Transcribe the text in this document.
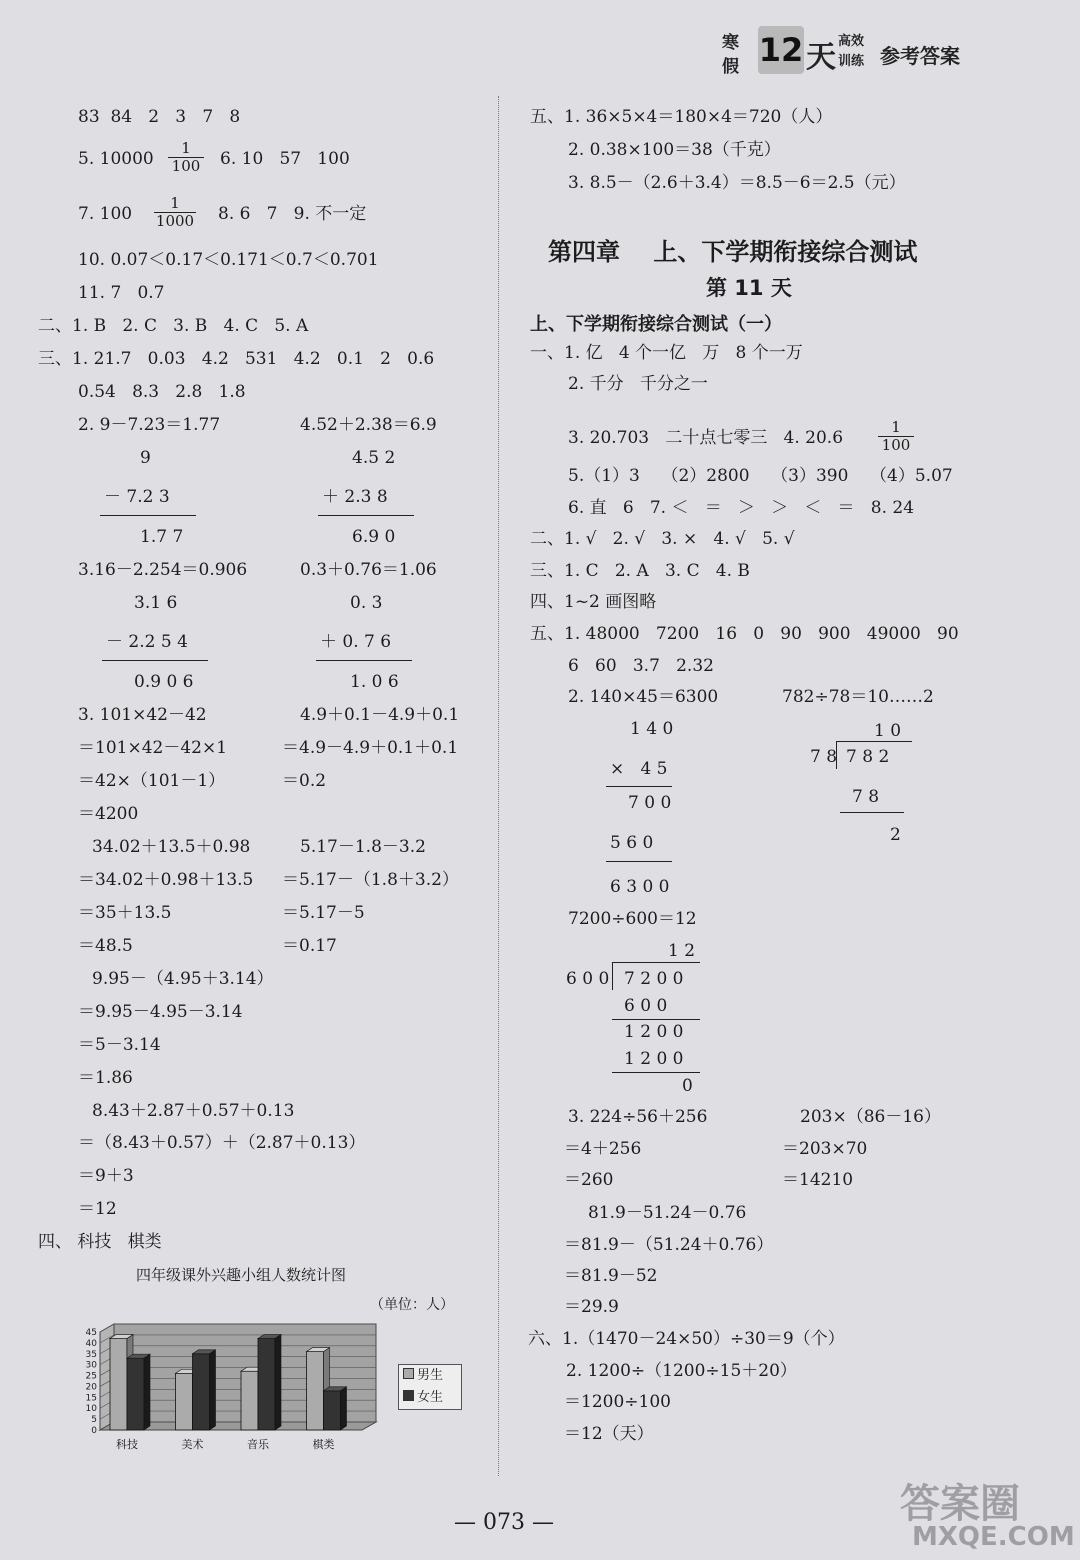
寒
假 12 天 高效
训练 参考答案
83  84   2   3   7   8
5. $10000 \frac{1}{100} 6$. 10   57   100
7. $100 \frac{1}{1000} 8$. 6   7   9. 不一定
10. 0.07＜0.17＜0.171＜0.7＜0.701
11. 7   0.7
二、1. B   2. C   3. B   4. C   5. A
三、1. 21.7   0.03   4.2   531   4.2   0.1   2   0.6
0.54   8.3   2.8   1.8
2. 9－7.23＝1.77	4.52＋2.38＝6.9
9
－ 7.2 3
1.7 7
4.5 2
＋ 2.3 8
6.9 0
3.16－2.254＝0.906	0.3＋0.76＝1.06
3.1 6
－ 2.2 5 4
0.9 0 6
0. 3
＋ 0. 7 6
1. 0 6
3. 101×42－42
＝101×42－42×1
＝42×（101－1）
＝4200
4.9＋0.1－4.9＋0.1
＝4.9－4.9＋0.1＋0.1
＝0.2
34.02＋13.5＋0.98
＝34.02＋0.98＋13.5
＝35＋13.5
＝48.5
5.17－1.8－3.2
＝5.17－（1.8＋3.2）
＝5.17－5
＝0.17
9.95－（4.95＋3.14）
＝9.95－4.95－3.14
＝5－3.14
＝1.86
8.43＋2.87＋0.57＋0.13
＝（8.43＋0.57）＋（2.87＋0.13）
＝9＋3
＝12
四、 科技   棋类
四年级课外兴趣小组人数统计图
（单位：人）
0
5
10
15
20
25
30
35
40
45
科技	美术	音乐	棋类
男生
女生
五、1. 36×5×4＝180×4＝720（人）
2. 0.38×100＝38（千克）
3. 8.5－（2.6＋3.4）＝8.5－6＝2.5（元）
第四章    上、下学期衔接综合测试
第 11 天
上、下学期衔接综合测试（一）
一、1. 亿   4 个一亿   万   8 个一万
2. 千分   千分之一
3. 20.703   二十点七零三   4. $20.6 \frac{1}{100}$
5.（1）3    （2）2800    （3）390    （4）5.07
6. 直   6   7. ＜   ＝   ＞   ＞   ＜   ＝   8. 24
二、1. √   2. √   3. ×   4. √   5. √
三、1. C   2. A   3. C   4. B
四、1~2 画图略
五、1. 48000   7200   16   0   90   900   49000   90
6   60   3.7   2.32
2. 140×45＝6300	782÷78＝10……2
1 4 0
×   4 5
7 0 0
5 6 0
6 3 0 0
1 0
7 8 7 8 2
7 8
2
7200÷600＝12
1 2
6 0 0 7 2 0 0
6 0 0
1 2 0 0
1 2 0 0
0
3. 224÷56＋256
＝4＋256
＝260
203×（86－16）
＝203×70
＝14210
81.9－51.24－0.76
＝81.9－（51.24＋0.76）
＝81.9－52
＝29.9
六、1.（1470－24×50）÷30＝9（个）
2. 1200÷（1200÷15＋20）
＝1200÷100
＝12（天）
— 073 —	答案圈
MXQE.COM
